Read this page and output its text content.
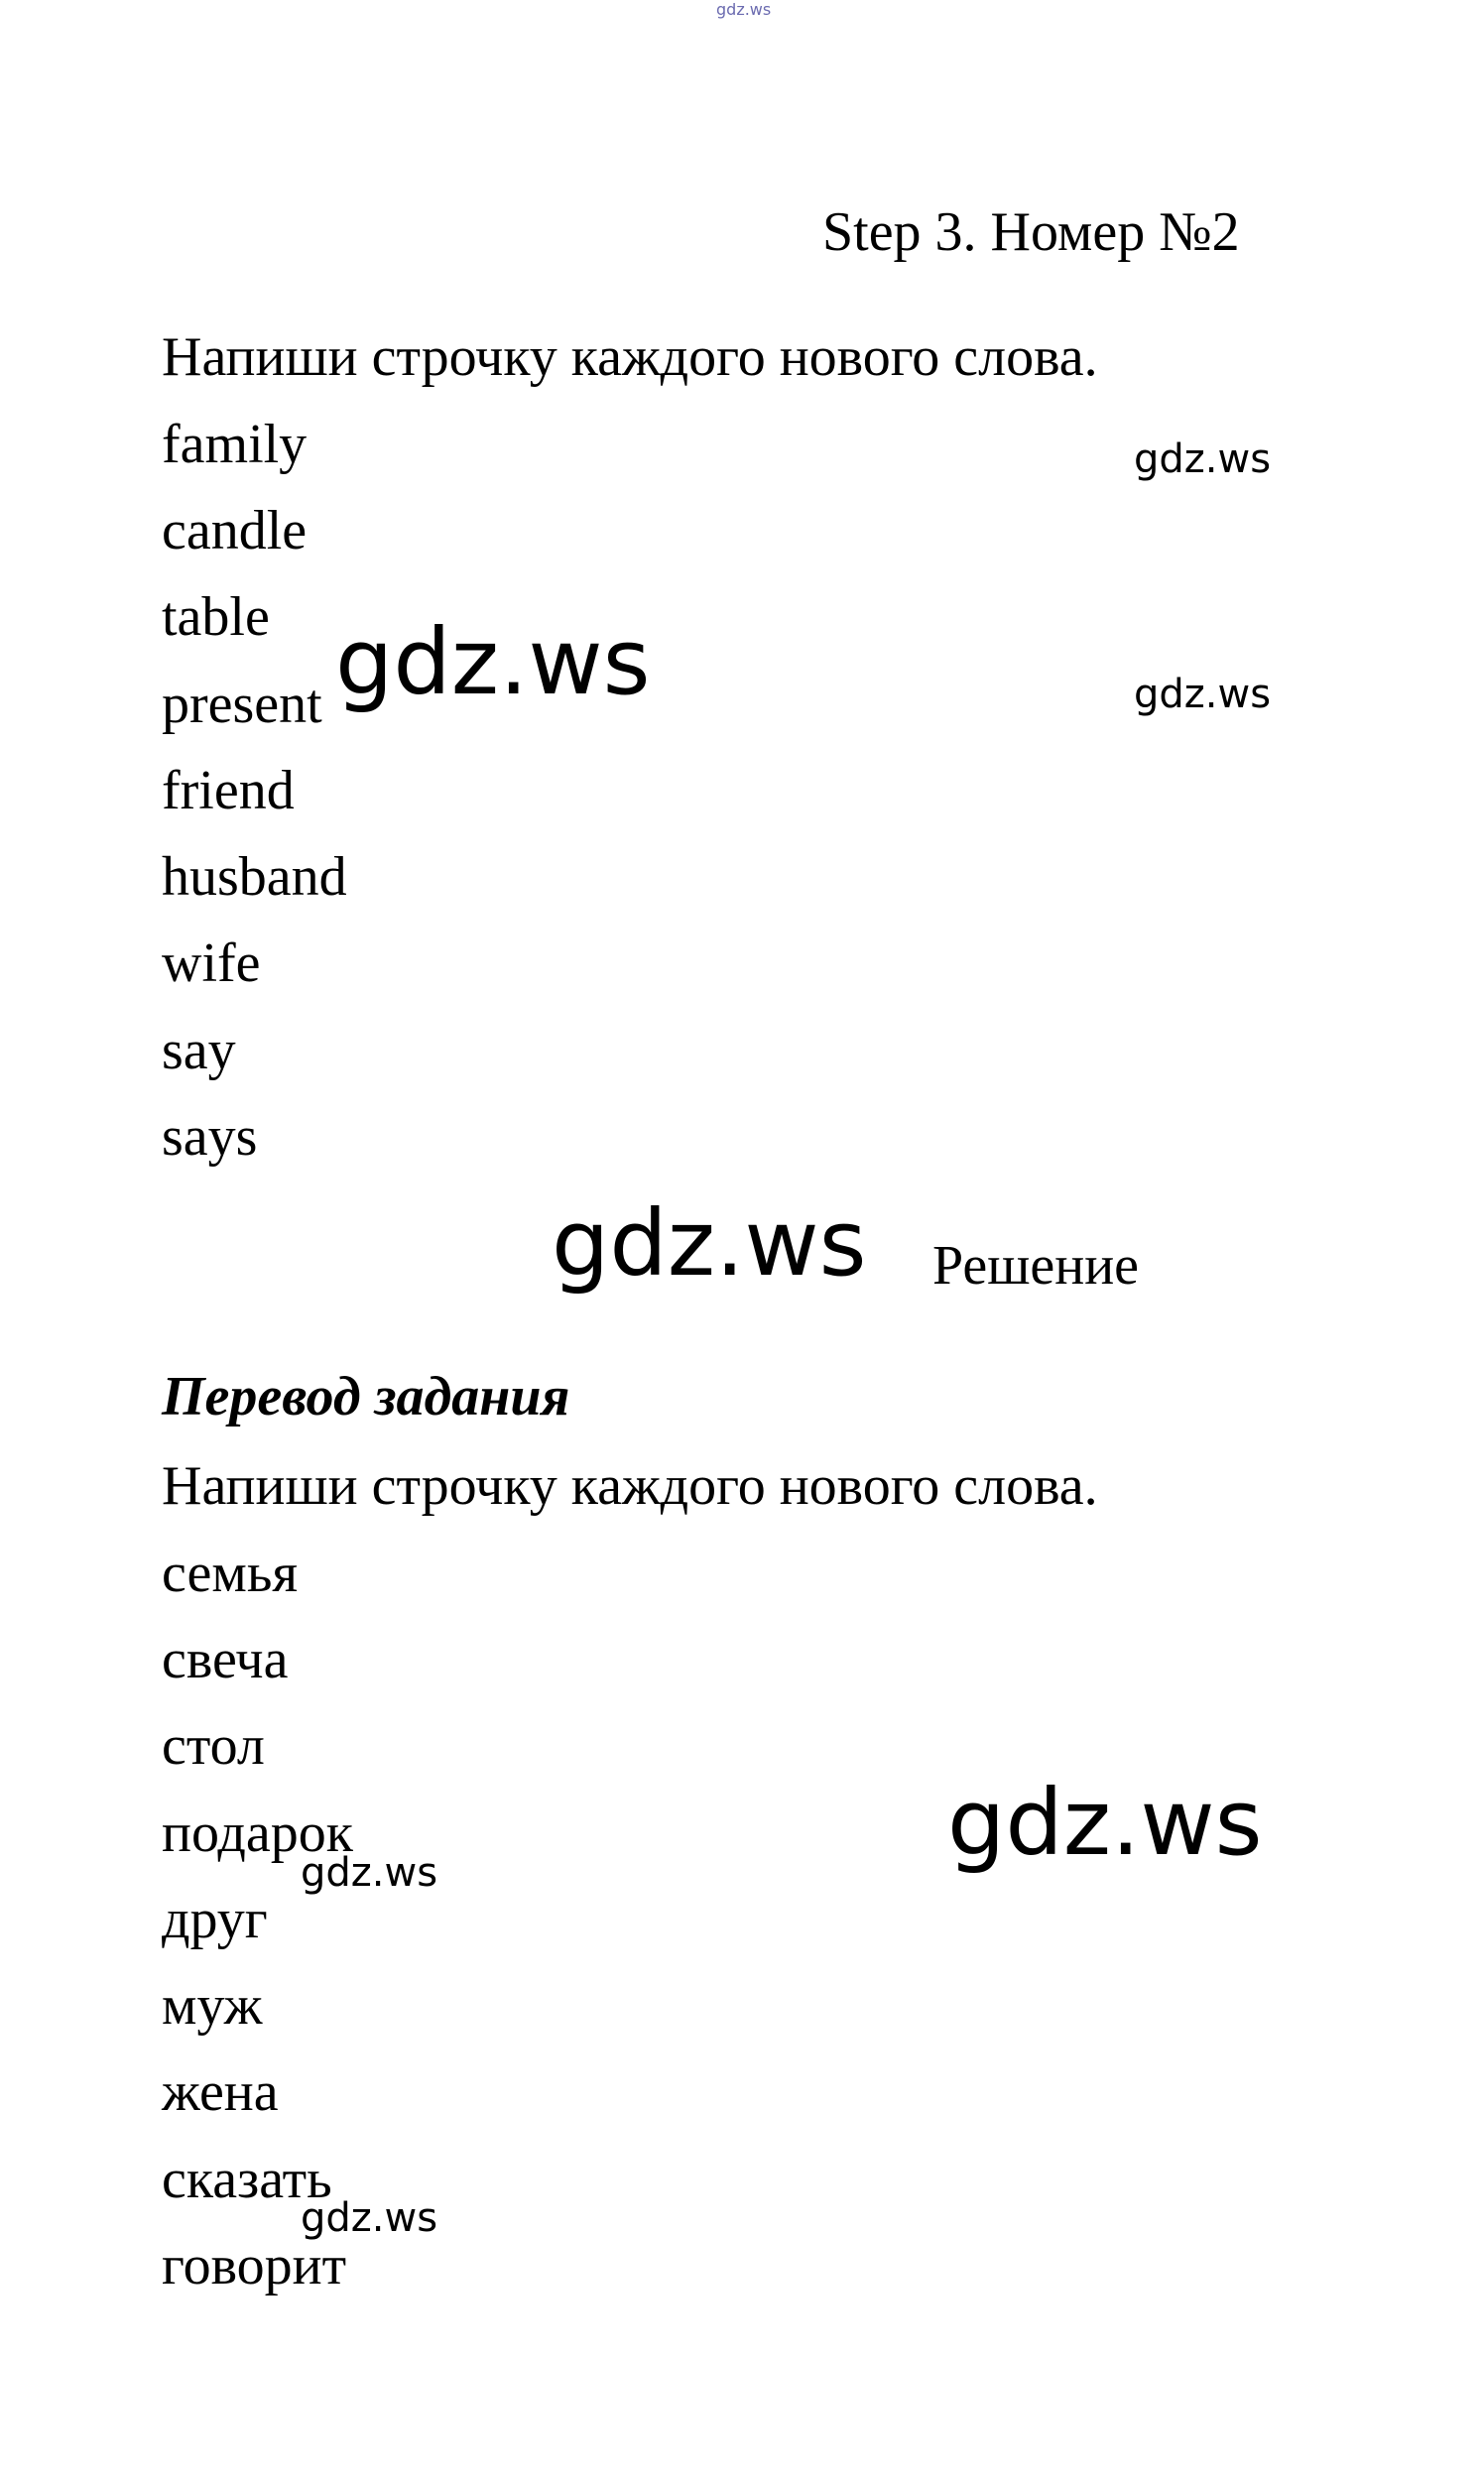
gdz.ws
Step 3. Номер №2
Напиши строчку каждого нового слова.
family
candle
table
present
friend
husband
wife
say
says
gdz.ws
gdz.ws	gdz.ws
gdz.ws Решение
Перевод задания
Напиши строчку каждого нового слова.
семья
свеча
стол
подарок
друг
муж
жена
сказать
говорит
gdz.ws
gdz.ws
gdz.ws
